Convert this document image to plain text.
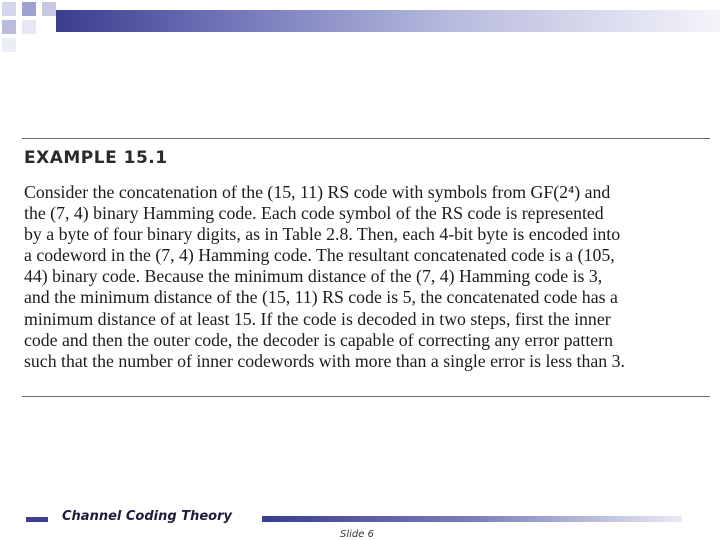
EXAMPLE 15.1
Consider the concatenation of the (15, 11) RS code with symbols from GF(2⁴) and
the (7, 4) binary Hamming code. Each code symbol of the RS code is represented
by a byte of four binary digits, as in Table 2.8. Then, each 4-bit byte is encoded into
a codeword in the (7, 4) Hamming code. The resultant concatenated code is a (105,
44) binary code. Because the minimum distance of the (7, 4) Hamming code is 3,
and the minimum distance of the (15, 11) RS code is 5, the concatenated code has a
minimum distance of at least 15. If the code is decoded in two steps, first the inner
code and then the outer code, the decoder is capable of correcting any error pattern
such that the number of inner codewords with more than a single error is less than 3.
Channel Coding Theory
Slide 6
